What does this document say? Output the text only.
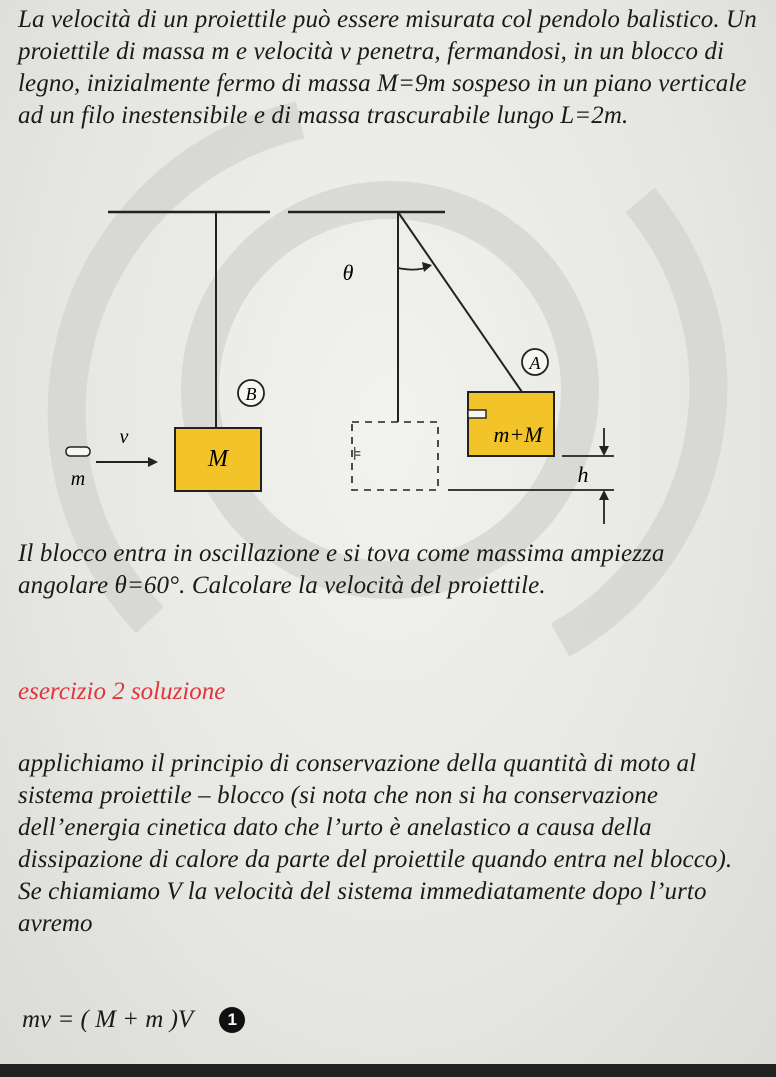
La velocità di un proiettile può essere misurata col pendolo balistico. Un proiettile di massa m e velocità v penetra, fermandosi, in un blocco di legno, inizialmente fermo di massa M=9m sospeso in un piano verticale ad un filo inestensibile e di massa trascurabile lungo L=2m.
B
M
m
v
⊧
θ
A
m+M
h
Il blocco entra in oscillazione e si tova come massima ampiezza angolare θ=60°. Calcolare la velocità del proiettile.
esercizio 2 soluzione
applichiamo il principio di conservazione della quantità di moto al sistema proiettile – blocco (si nota che non si ha conservazione dell’energia cinetica dato che l’urto è anelastico a causa della dissipazione di calore da parte del proiettile quando entra nel blocco). Se chiamiamo V la velocità del sistema immediatamente dopo l’urto avremo
mv = ( M + m )V	1
